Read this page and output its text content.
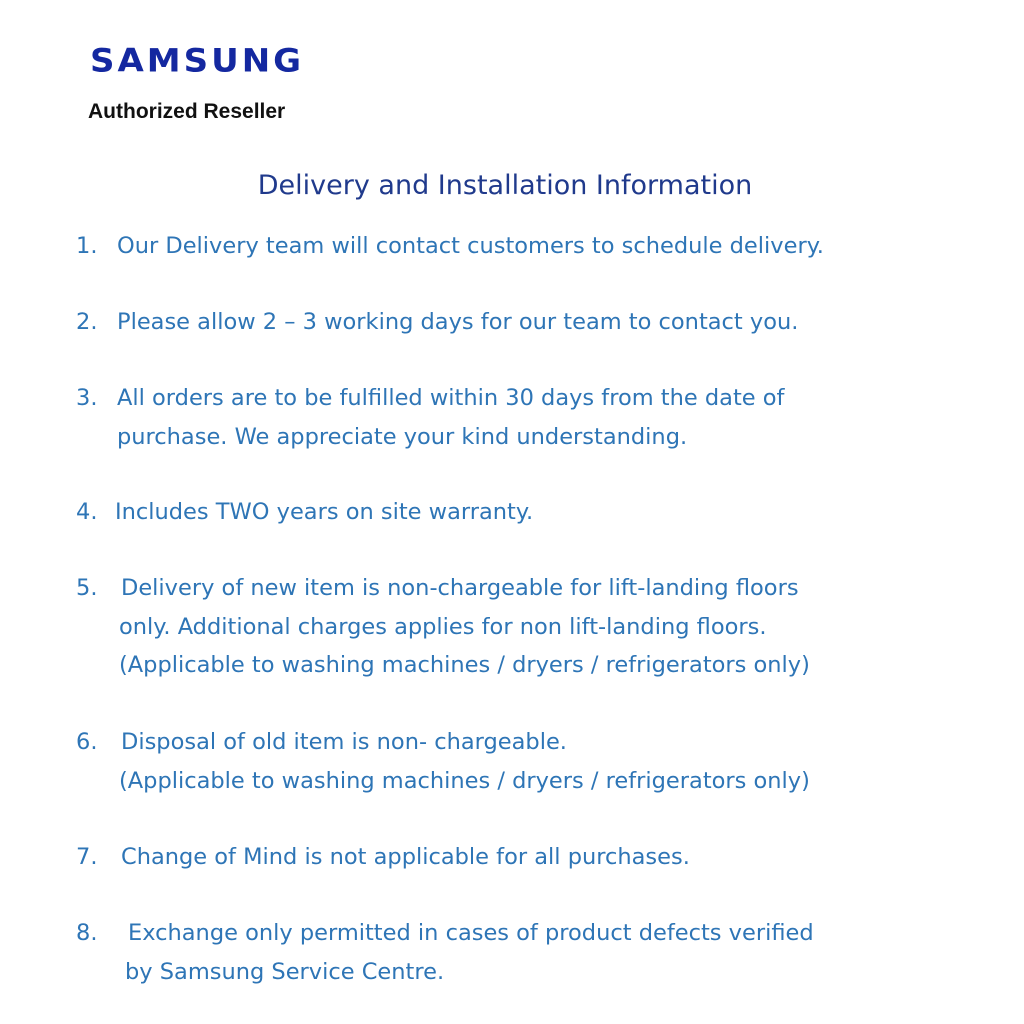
SAMSUNG
Authorized Reseller
Delivery and Installation Information
1. Our Delivery team will contact customers to schedule delivery.
2. Please allow 2 – 3 working days for our team to contact you.
3. All orders are to be fulfilled within 30 days from the date of
purchase. We appreciate your kind understanding.
4. Includes TWO years on site warranty.
5. Delivery of new item is non-chargeable for lift-landing floors
only. Additional charges applies for non lift-landing floors.
(Applicable to washing machines / dryers / refrigerators only)
6. Disposal of old item is non- chargeable.
(Applicable to washing machines / dryers / refrigerators only)
7. Change of Mind is not applicable for all purchases.
8. Exchange only permitted in cases of product defects verified
by Samsung Service Centre.
